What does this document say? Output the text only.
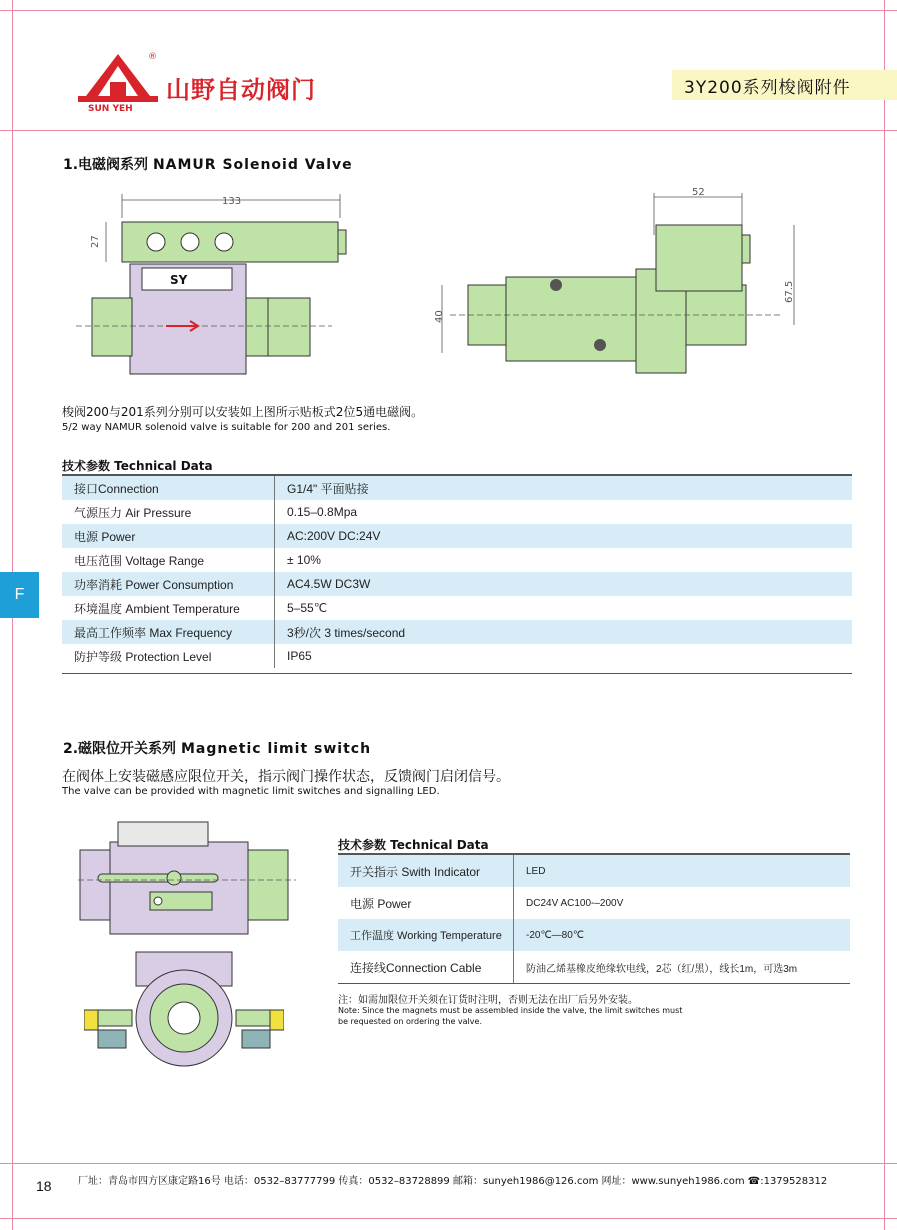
®
SUN YEH
山野自动阀门	3Y200系列梭阀附件
F
1.电磁阀系列 NAMUR Solenoid Valve
133
27
SY
52
67.5
40
梭阀200与201系列分别可以安装如上图所示贴板式2位5通电磁阀。
5/2 way NAMUR solenoid valve is suitable for 200 and 201 series.
技术参数 Technical Data
接口Connection	G1/4" 平面贴接
气源压力 Air Pressure	0.15–0.8Mpa
电源 Power	AC:200V DC:24V
电压范围 Voltage Range	± 10%
功率消耗 Power Consumption	AC4.5W DC3W
环境温度 Ambient Temperature	5–55℃
最高工作频率 Max Frequency	3秒/次 3 times/second
防护等级 Protection Level	IP65
2.磁限位开关系列 Magnetic limit switch
在阀体上安装磁感应限位开关，指示阀门操作状态，反馈阀门启闭信号。
The valve can be provided with magnetic limit switches and signalling LED.
技术参数 Technical Data
开关指示 Swith Indicator	LED
电源 Power	DC24V AC100-–200V
工作温度 Working Temperature	-20℃—80℃
连接线Connection Cable	防油乙烯基橡皮绝缘软电线，2芯（红/黑），线长1m，可选3m
注：如需加限位开关须在订货时注明，否则无法在出厂后另外安装。
Note: Since the magnets must be assembled inside the valve, the limit switches must
be requested on ordering the valve.
18	厂址：青岛市四方区康定路16号 电话：0532–83777799 传真：0532–83728899 邮箱：sunyeh1986@126.com 网址：www.sunyeh1986.com ☎:1379528312
